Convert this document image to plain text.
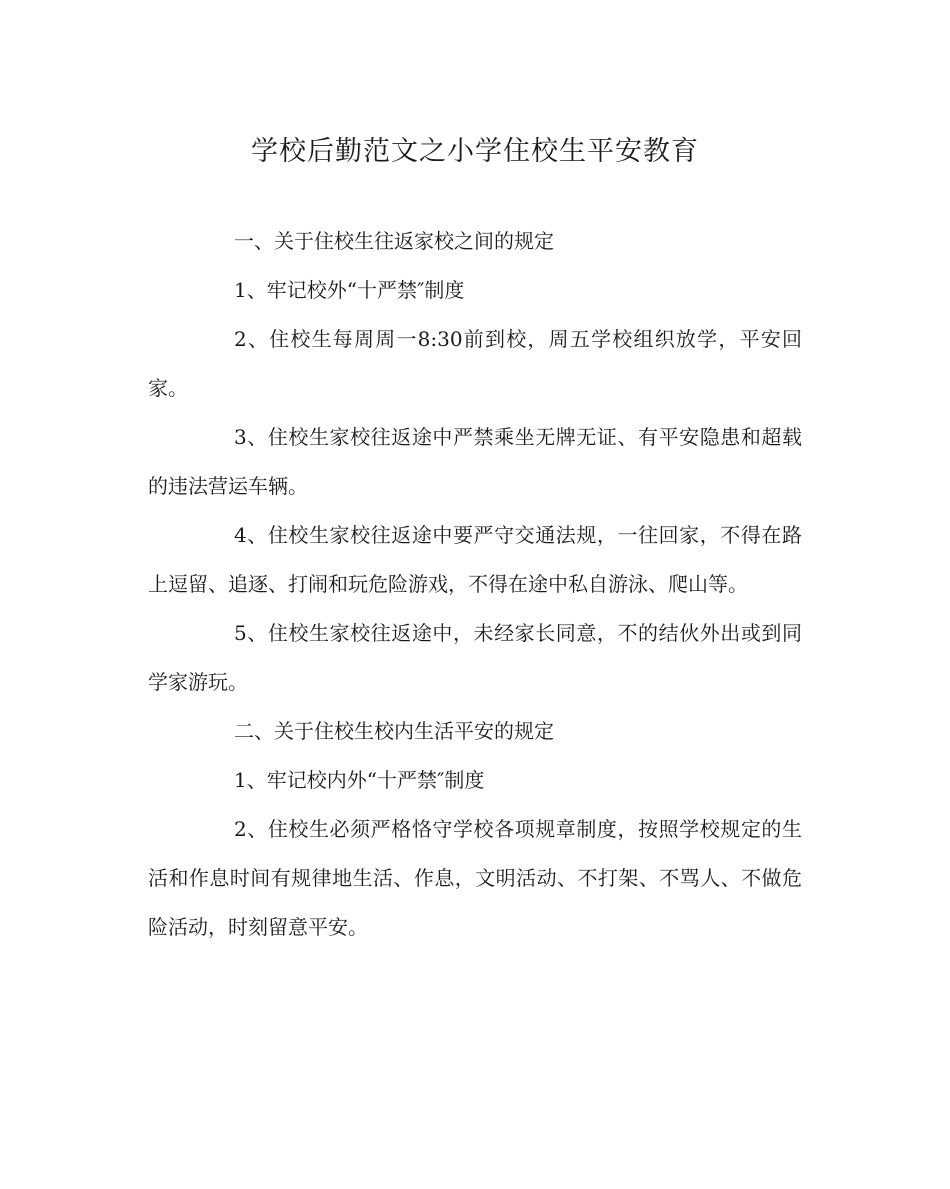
学校后勤范文之小学住校生平安教育

一、关于住校生往返家校之间的规定

1、牢记校外“十严禁″制度

2、住校生每周周一8:30前到校，周五学校组织放学，平安回家。

3、住校生家校往返途中严禁乘坐无牌无证、有平安隐患和超载的违法营运车辆。

4、住校生家校往返途中要严守交通法规，一往回家，不得在路上逗留、追逐、打闹和玩危险游戏，不得在途中私自游泳、爬山等。

5、住校生家校往返途中，未经家长同意，不的结伙外出或到同学家游玩。

二、关于住校生校内生活平安的规定

1、牢记校内外“十严禁″制度

2、住校生必须严格恪守学校各项规章制度，按照学校规定的生活和作息时间有规律地生活、作息，文明活动、不打架、不骂人、不做危险活动，时刻留意平安。
